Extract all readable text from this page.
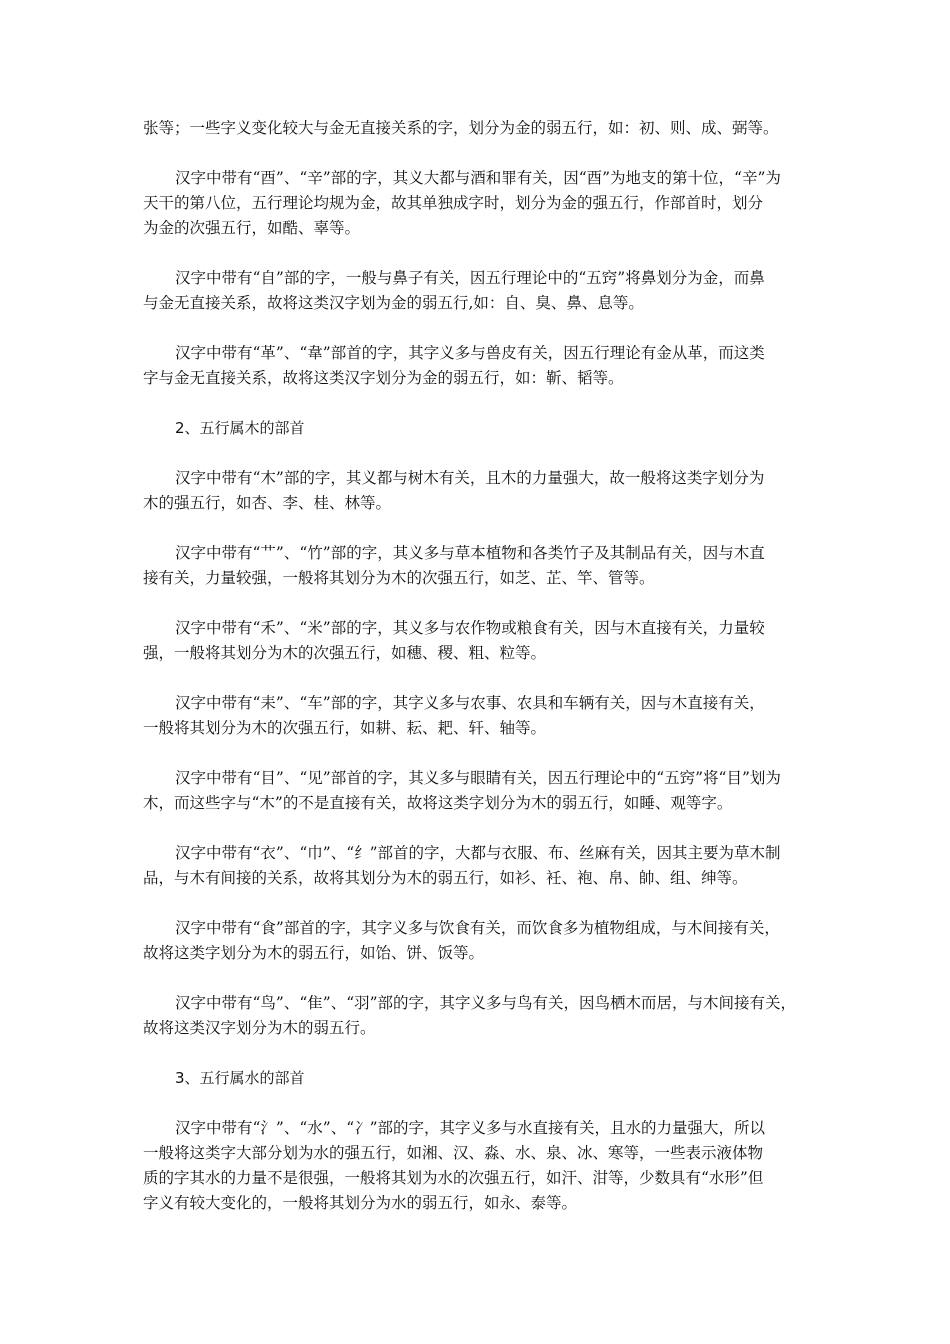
张等；一些字义变化较大与金无直接关系的字，划分为金的弱五行，如：初、则、成、弼等。
汉字中带有“酉”、“辛”部的字，其义大都与酒和罪有关，因“酉”为地支的第十位，“辛”为
天干的第八位，五行理论均规为金，故其单独成字时，划分为金的强五行，作部首时，划分
为金的次强五行，如酷、辜等。
汉字中带有“自”部的字，一般与鼻子有关，因五行理论中的“五窍”将鼻划分为金，而鼻
与金无直接关系，故将这类汉字划为金的弱五行,如：自、臭、鼻、息等。
汉字中带有“革”、“韋”部首的字，其字义多与兽皮有关，因五行理论有金从革，而这类
字与金无直接关系，故将这类汉字划分为金的弱五行，如：靳、韬等。
2、五行属木的部首
汉字中带有“木”部的字，其义都与树木有关，且木的力量强大，故一般将这类字划分为
木的强五行，如杏、李、桂、林等。
汉字中带有“艹”、“竹”部的字，其义多与草本植物和各类竹子及其制品有关，因与木直
接有关，力量较强，一般将其划分为木的次强五行，如芝、芷、竿、管等。
汉字中带有“禾”、“米”部的字，其义多与农作物或粮食有关，因与木直接有关，力量较
强，一般将其划分为木的次强五行，如穗、稷、粗、粒等。
汉字中带有“耒”、“车”部的字，其字义多与农事、农具和车辆有关，因与木直接有关，
一般将其划分为木的次强五行，如耕、耘、耙、轩、轴等。
汉字中带有“目”、“见”部首的字，其义多与眼睛有关，因五行理论中的“五窍”将“目”划为
木，而这些字与“木”的不是直接有关，故将这类字划分为木的弱五行，如睡、观等字。
汉字中带有“衣”、“巾”、“纟”部首的字，大都与衣服、布、丝麻有关，因其主要为草木制
品，与木有间接的关系，故将其划分为木的弱五行，如衫、衽、袍、帛、帥、组、绅等。
汉字中带有“食”部首的字，其字义多与饮食有关，而饮食多为植物组成，与木间接有关，
故将这类字划分为木的弱五行，如饴、饼、饭等。
汉字中带有“鸟”、“隹”、“羽”部的字，其字义多与鸟有关，因鸟栖木而居，与木间接有关，
故将这类汉字划分为木的弱五行。
3、五行属水的部首
汉字中带有“氵”、“水”、“冫”部的字，其字义多与水直接有关，且水的力量强大，所以
一般将这类字大部分划为水的强五行，如湘、汉、淼、水、泉、冰、寒等，一些表示液体物
质的字其水的力量不是很强，一般将其划为水的次强五行，如汗、泔等，少数具有“水形”但
字义有较大变化的，一般将其划分为水的弱五行，如永、泰等。
